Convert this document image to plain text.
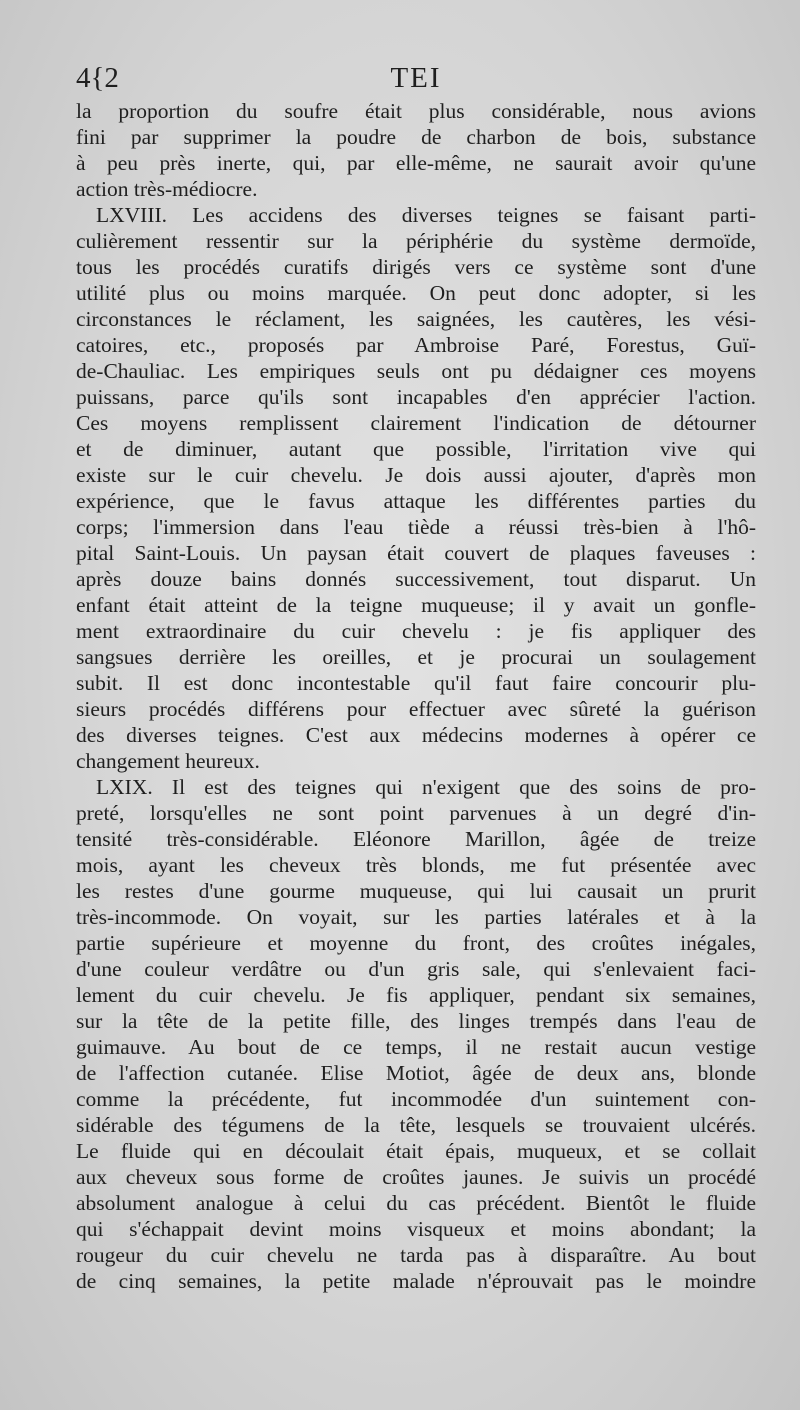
4{2	TEI
la proportion du soufre était plus considérable, nous avions
fini par supprimer la poudre de charbon de bois, substance
à peu près inerte, qui, par elle-même, ne saurait avoir qu'une
action très-médiocre.
LXVIII. Les accidens des diverses teignes se faisant parti-
culièrement ressentir sur la périphérie du système dermoïde,
tous les procédés curatifs dirigés vers ce système sont d'une
utilité plus ou moins marquée. On peut donc adopter, si les
circonstances le réclament, les saignées, les cautères, les vési-
catoires, etc., proposés par Ambroise Paré, Forestus, Guï-
de-Chauliac. Les empiriques seuls ont pu dédaigner ces moyens
puissans, parce qu'ils sont incapables d'en apprécier l'action.
Ces moyens remplissent clairement l'indication de détourner
et de diminuer, autant que possible, l'irritation vive qui
existe sur le cuir chevelu. Je dois aussi ajouter, d'après mon
expérience, que le favus attaque les différentes parties du
corps; l'immersion dans l'eau tiède a réussi très-bien à l'hô-
pital Saint-Louis. Un paysan était couvert de plaques faveuses :
après douze bains donnés successivement, tout disparut. Un
enfant était atteint de la teigne muqueuse; il y avait un gonfle-
ment extraordinaire du cuir chevelu : je fis appliquer des
sangsues derrière les oreilles, et je procurai un soulagement
subit. Il est donc incontestable qu'il faut faire concourir plu-
sieurs procédés différens pour effectuer avec sûreté la guérison
des diverses teignes. C'est aux médecins modernes à opérer ce
changement heureux.
LXIX. Il est des teignes qui n'exigent que des soins de pro-
preté, lorsqu'elles ne sont point parvenues à un degré d'in-
tensité très-considérable. Eléonore Marillon, âgée de treize
mois, ayant les cheveux très blonds, me fut présentée avec
les restes d'une gourme muqueuse, qui lui causait un prurit
très-incommode. On voyait, sur les parties latérales et à la
partie supérieure et moyenne du front, des croûtes inégales,
d'une couleur verdâtre ou d'un gris sale, qui s'enlevaient faci-
lement du cuir chevelu. Je fis appliquer, pendant six semaines,
sur la tête de la petite fille, des linges trempés dans l'eau de
guimauve. Au bout de ce temps, il ne restait aucun vestige
de l'affection cutanée. Elise Motiot, âgée de deux ans, blonde
comme la précédente, fut incommodée d'un suintement con-
sidérable des tégumens de la tête, lesquels se trouvaient ulcérés.
Le fluide qui en découlait était épais, muqueux, et se collait
aux cheveux sous forme de croûtes jaunes. Je suivis un procédé
absolument analogue à celui du cas précédent. Bientôt le fluide
qui s'échappait devint moins visqueux et moins abondant; la
rougeur du cuir chevelu ne tarda pas à disparaître. Au bout
de cinq semaines, la petite malade n'éprouvait pas le moindre
